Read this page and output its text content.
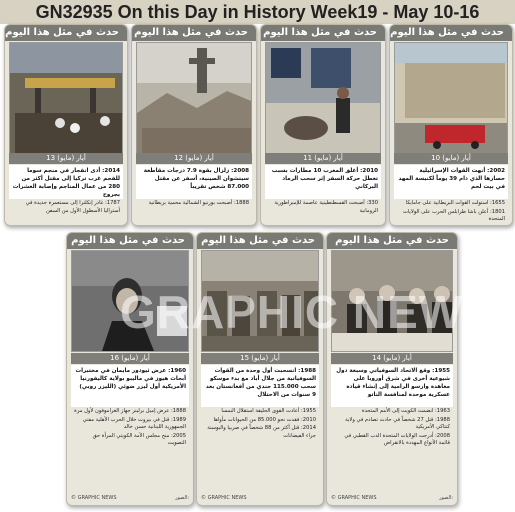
GN32935 On this Day in History Week19 - May 10-16
حدث في مثل هذا اليوم
13 أيار (مايو)
2014: أدى انفجار في منجم سوما للفحم غرب تركيا إلى مقتل أكثر من 280 من عمال المناجم وإصابة العشرات بجروح

1787: غادر إنكلترا إلى مستعمرة جديدة في أستراليا الأسطول الأول من السفن

حدث في مثل هذا اليوم
12 أيار (مايو)
2008: زلزال بقوة 7.9 درجات مقاطعة سيتشوان الصينية، أسفر عن مقتل 87.000 شخص تقريباً

1888: أصبحت بورنيو الشمالية محمية بريطانية

حدث في مثل هذا اليوم
11 أيار (مايو)
2010: أغلق المغرب 10 مطارات بسبب تعطل حركة السفر إثر سحب الرماد البركاني

330: أصبحت القسطنطينية عاصمة للإمبراطورية الرومانية

حدث في مثل هذا اليوم
10 أيار (مايو)
2002: أنهت القوات الإسرائيلية حصارها الذي دام 39 يوماً لكنيسة المهد في بيت لحم

1655: استولت القوات البريطانية على جامايكا

1801: أعلن باشا طرابلس الحرب على الولايات المتحدة

حدث في مثل هذا اليوم
16 أيار (مايو)
1960: عرض ثيودور مايمان في مختبرات أبحاث هيوز في ماليبو بولاية كاليفورنيا الأمريكية أول ليزر ضوئي (الليزر روبي)

1888: عرض إميل برلينر جهاز الغراموفون لأول مرة

1989: قتل في بيروت خلال الحرب الأهلية مفتي الجمهورية اللبنانية حسن خالد

2005: منح مجلس الأمة الكويتي المرأة حق التصويت

© GRAPHIC NEWS	الصور:
حدث في مثل هذا اليوم
15 أيار (مايو)
1988: انسحبت أول وحدة من القوات السوفياتية من جلال أباد مع بدء موسكو سحب 115.000 جندي من أفغانستان بعد 9 سنوات من الاحتلال

1955: أعادت القوى الحليفة استقلال النمسا

2010: فقدت نحو 85.000 من الحيوانات مأواها

2014: قتل أكثر من 88 شخصاً في صربيا والبوسنة جراء الفيضانات

© GRAPHIC NEWS
حدث في مثل هذا اليوم
14 أيار (مايو)
1955: وقع الاتحاد السوفياتي وسبعة دول شيوعية أخرى في شرق أوروبا على معاهدة وارسو الرامية إلى إنشاء قيادة عسكرية موحدة لمنافسة الناتو

1963: انضمت الكويت إلى الأمم المتحدة

1988: قتل 27 شخصاً في حادث تصادم في ولاية كنتاكي الأمريكية

2008: أدرجت الولايات المتحدة الدب القطبي في قائمة الأنواع المهددة بالانقراض

© GRAPHIC NEWS	الصور:
GRAPHIC NEWS
